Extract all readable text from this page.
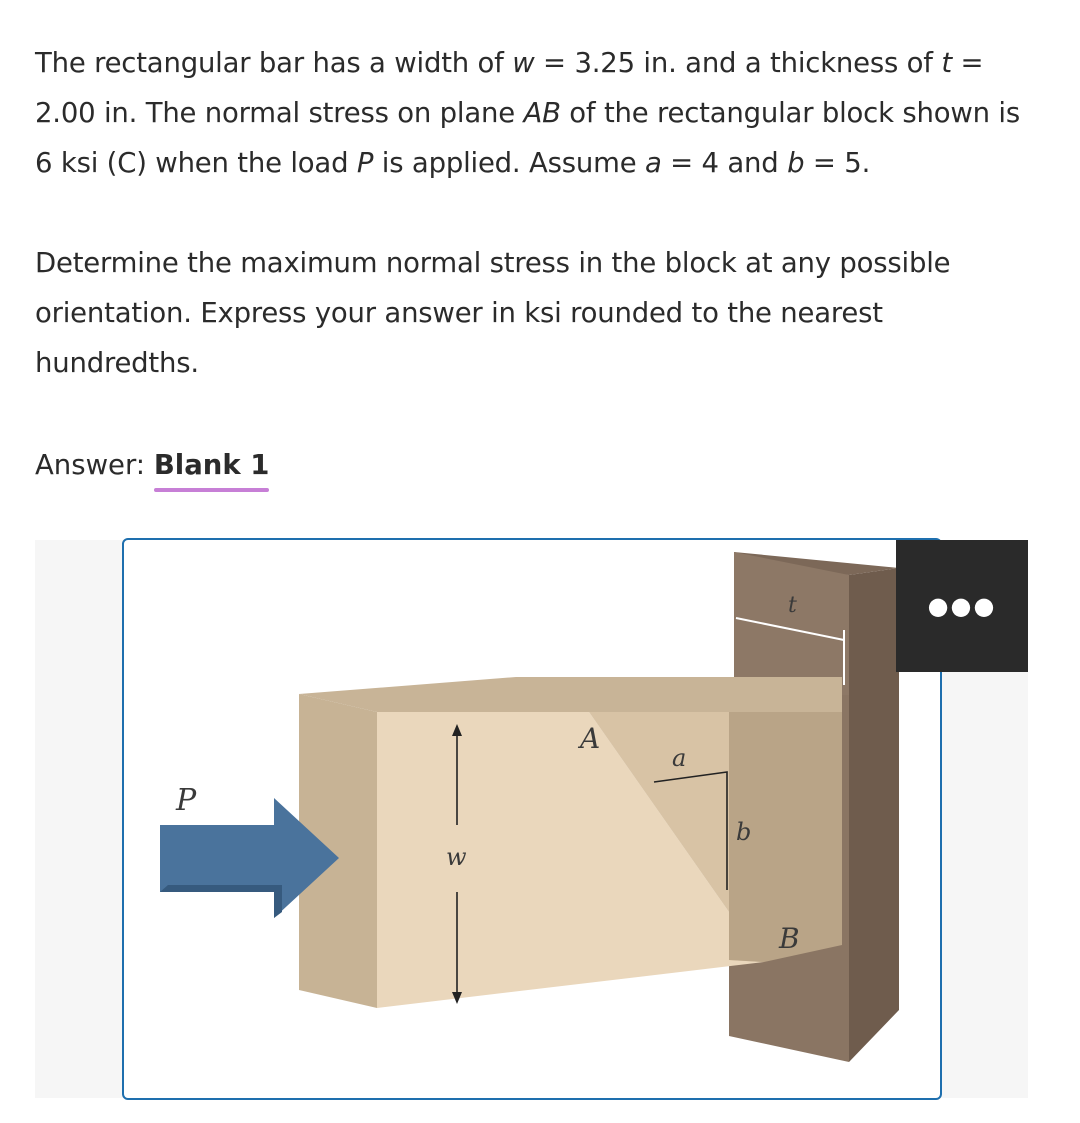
The rectangular bar has a width of w = 3.25 in. and a thickness of t = 2.00 in. The normal stress on plane AB of the rectangular block shown is 6 ksi (C) when the load P is applied. Assume a = 4 and b = 5.

Determine the maximum normal stress in the block at any possible orientation. Express your answer in ksi rounded to the nearest hundredths.

Answer: Blank 1
t
w
a
b
A
B
P
●●●
